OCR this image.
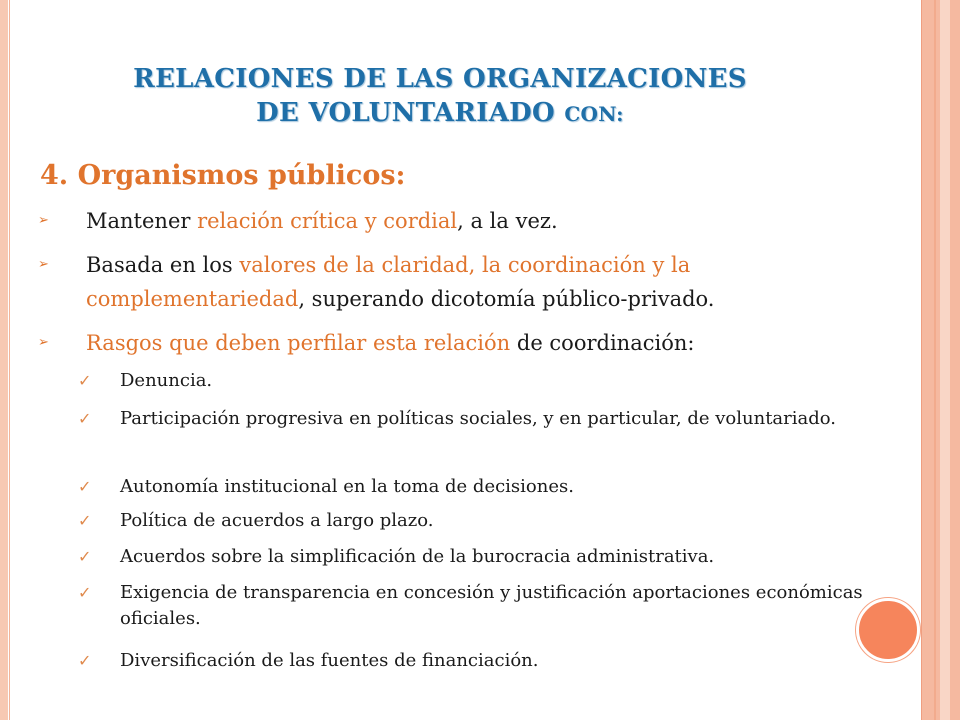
RELACIONES DE LAS ORGANIZACIONES
DE VOLUNTARIADO CON:
4. Organismos públicos:
➢ Mantener relación crítica y cordial, a la vez.
➢ Basada en los valores de la claridad, la coordinación y la complementariedad, superando dicotomía público-privado.
➢ Rasgos que deben perfilar esta relación de coordinación:
✓ Denuncia.
✓ Participación progresiva en políticas sociales, y en particular, de voluntariado.
✓ Autonomía institucional en la toma de decisiones.
✓ Política de acuerdos a largo plazo.
✓ Acuerdos sobre la simplificación de la burocracia administrativa.
✓ Exigencia de transparencia en concesión y justificación aportaciones económicas oficiales.
✓ Diversificación de las fuentes de financiación.
